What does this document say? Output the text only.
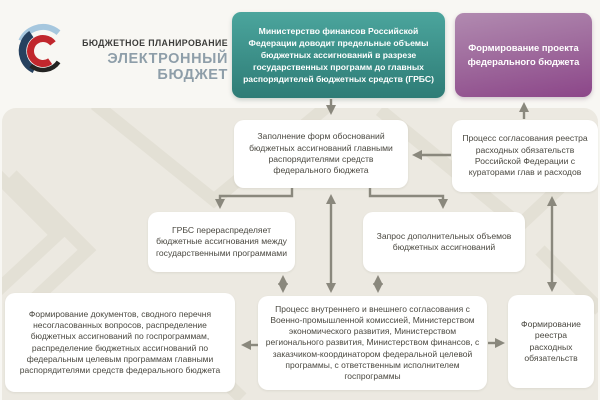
БЮДЖЕТНОЕ ПЛАНИРОВАНИЕ
ЭЛЕКТРОННЫЙ БЮДЖЕТ
Министерство финансов Российской Федерации доводит предельные объемы бюджетных ассигнований в разрезе государственных программ до главных распорядителей бюджетных средств (ГРБС)
Формирование проекта федерального бюджета
Заполнение форм обоснований бюджетных ассигнований главными распорядителями средств федерального бюджета
Процесс согласования реестра расходных обязательств Российской Федерации с кураторами глав и расходов
ГРБС перераспределяет бюджетные ассигнования между государственными программами
Запрос дополнительных объемов бюджетных ассигнований
Формирование документов, сводного перечня несогласованных вопросов, распределение бюджетных ассигнований по госпрограммам, распределение бюджетных ассигнований по федеральным целевым программам главными распорядителями средств федерального бюджета
Процесс внутреннего и внешнего согласования с Военно-промышленной комиссией, Министерством экономического развития, Министерством регионального развития, Министерством финансов, с заказчиком-координатором федеральной целевой программы, с ответственным исполнителем госпрограммы
Формирование реестра расходных обязательств
